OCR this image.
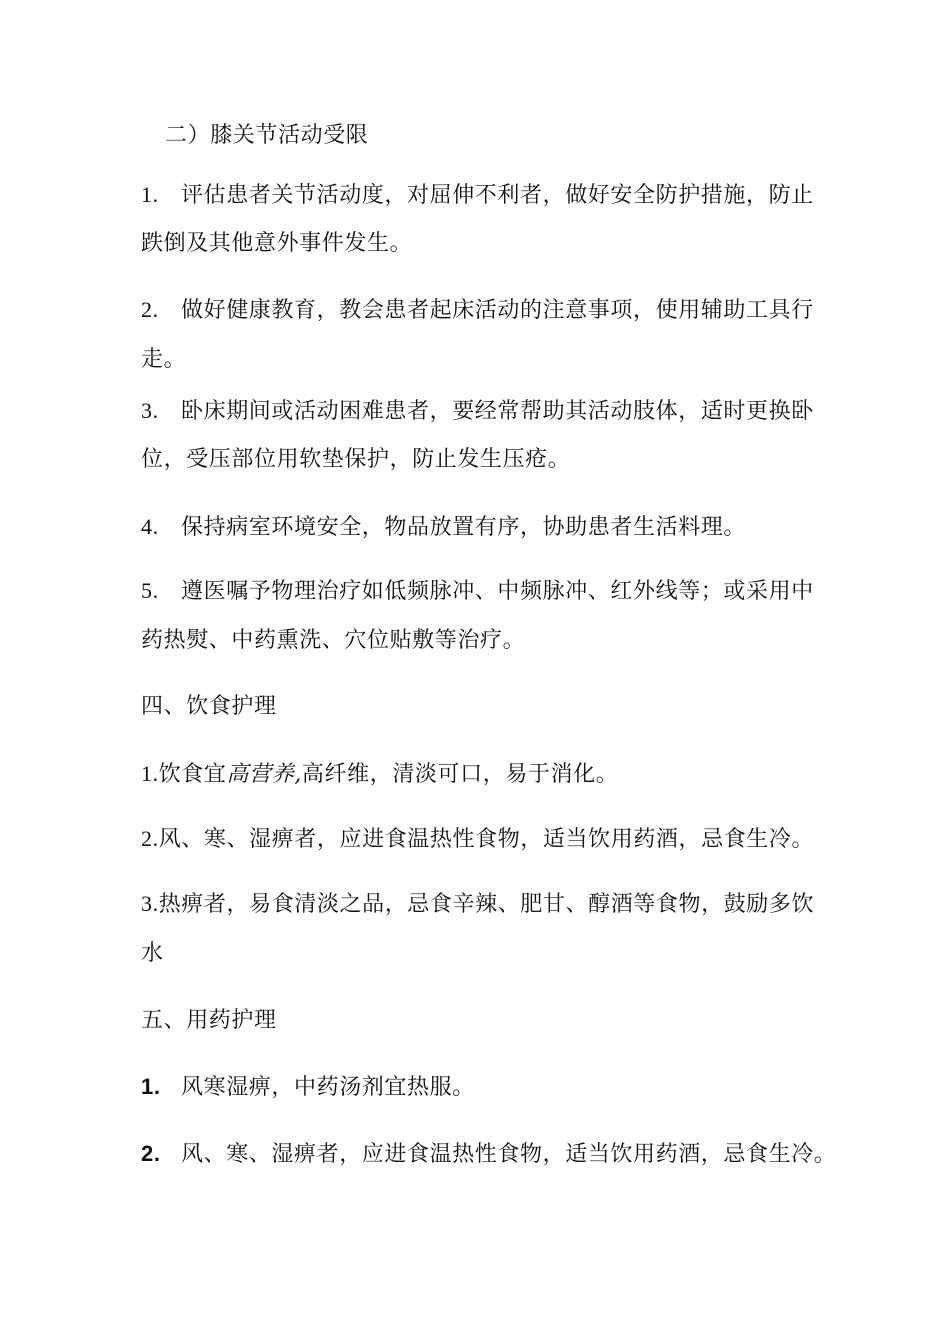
二）膝关节活动受限
1. 评估患者关节活动度，对屈伸不利者，做好安全防护措施，防止
跌倒及其他意外事件发生。
2. 做好健康教育，教会患者起床活动的注意事项，使用辅助工具行
走。
3. 卧床期间或活动困难患者，要经常帮助其活动肢体，适时更换卧
位，受压部位用软垫保护，防止发生压疮。
4. 保持病室环境安全，物品放置有序，协助患者生活料理。
5. 遵医嘱予物理治疗如低频脉冲、中频脉冲、红外线等；或采用中
药热熨、中药熏洗、穴位贴敷等治疗。
四、饮食护理
1.饮食宜高营养,高纤维，清淡可口，易于消化。
2.风、寒、湿痹者，应进食温热性食物，适当饮用药酒，忌食生冷。
3.热痹者，易食清淡之品，忌食辛辣、肥甘、醇酒等食物，鼓励多饮
水
五、用药护理
1. 风寒湿痹，中药汤剂宜热服。
2. 风、寒、湿痹者，应进食温热性食物，适当饮用药酒，忌食生冷。
